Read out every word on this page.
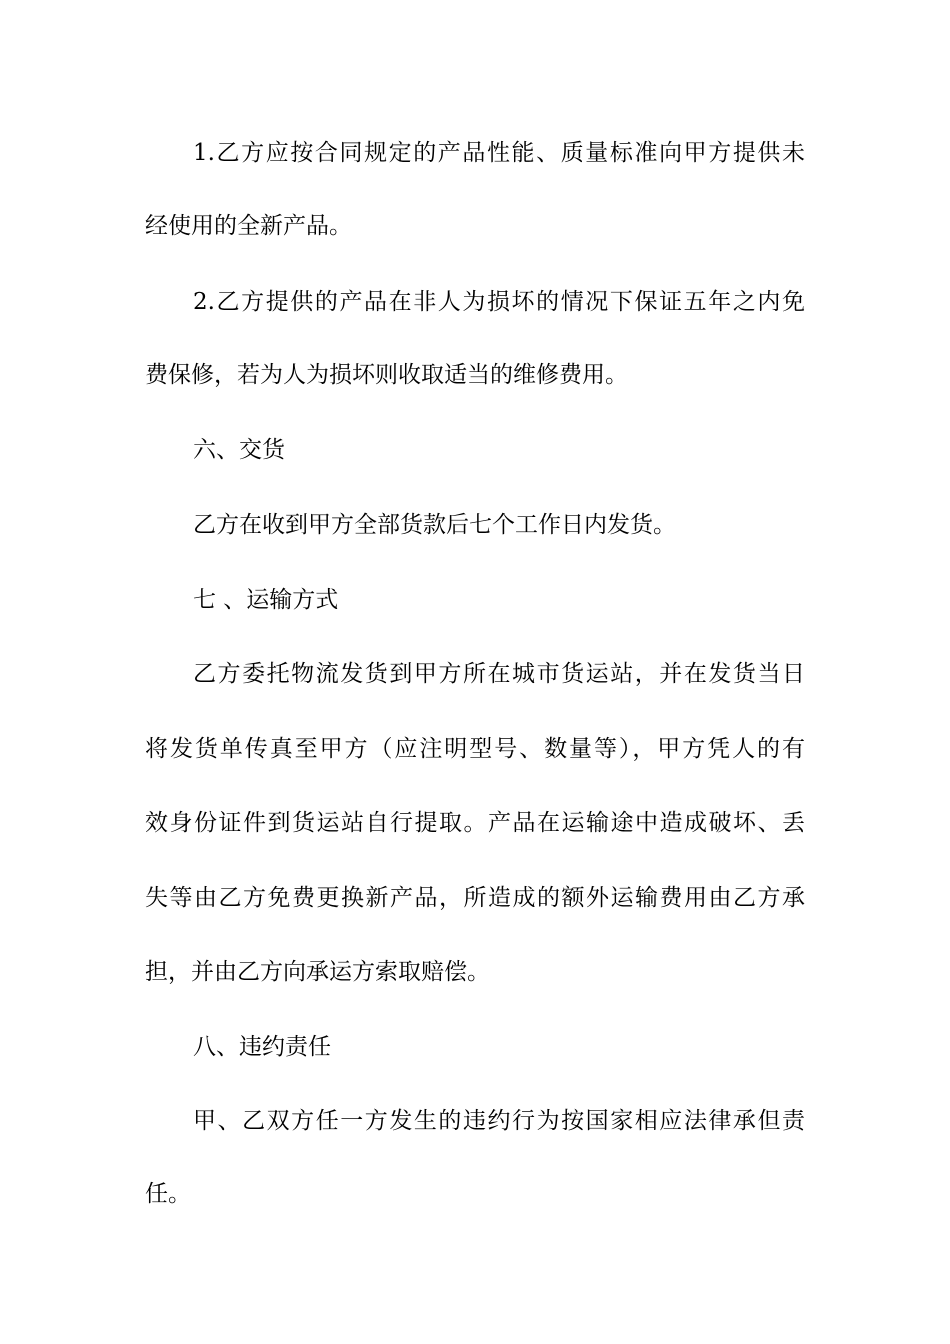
1.乙方应按合同规定的产品性能、质量标准向甲方提供未
经使用的全新产品。
2.乙方提供的产品在非人为损坏的情况下保证五年之内免
费保修，若为人为损坏则收取适当的维修费用。
六、交货
乙方在收到甲方全部货款后七个工作日内发货。
七 、运输方式
乙方委托物流发货到甲方所在城市货运站，并在发货当日
将发货单传真至甲方（应注明型号、数量等），甲方凭人的有
效身份证件到货运站自行提取。产品在运输途中造成破坏、丢
失等由乙方免费更换新产品，所造成的额外运输费用由乙方承
担，并由乙方向承运方索取赔偿。
八、违约责任
甲、乙双方任一方发生的违约行为按国家相应法律承但责
任。
